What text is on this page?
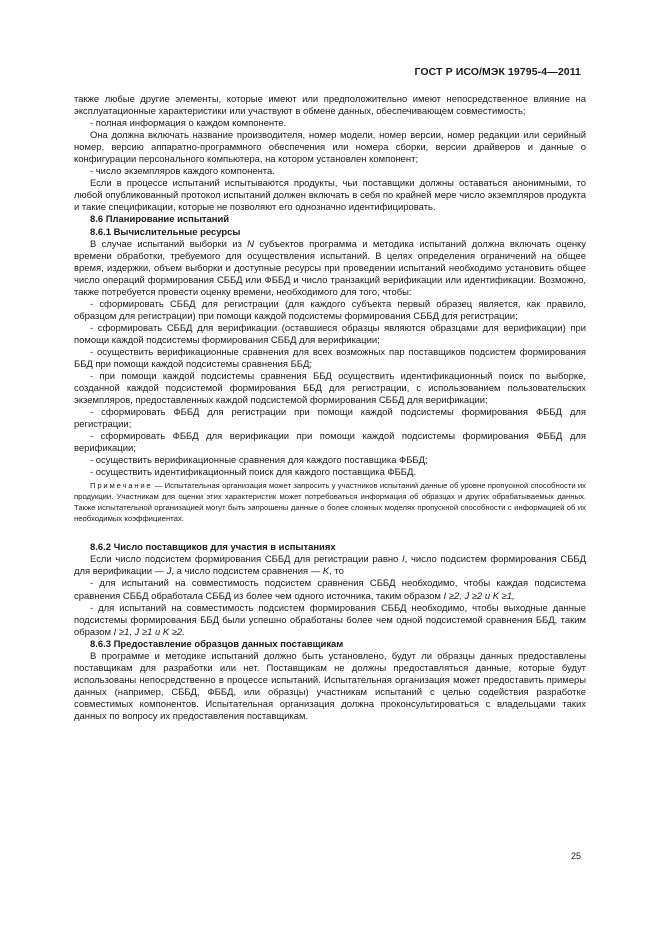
ГОСТ Р ИСО/МЭК 19795-4—2011

также любые другие элементы, которые имеют или предположительно имеют непосредственное влияние на эксплуатационные характеристики или участвуют в обмене данных, обеспечивающем совместимость;

- полная информация о каждом компоненте.

Она должна включать название производителя, номер модели, номер версии, номер редакции или серийный номер, версию аппаратно-программного обеспечения или номера сборки, версии драйверов и данные о конфигурации персонального компьютера, на котором установлен компонент;

- число экземпляров каждого компонента.

Если в процессе испытаний испытываются продукты, чьи поставщики должны оставаться анонимными, то любой опубликованный протокол испытаний должен включать в себя по крайней мере число экземпляров продукта и такие спецификации, которые не позволяют его однозначно идентифицировать.

8.6 Планирование испытаний

8.6.1 Вычислительные ресурсы

В случае испытаний выборки из N субъектов программа и методика испытаний должна включать оценку времени обработки, требуемого для осуществления испытаний. В целях определения ограничений на общее время, издержки, объем выборки и доступные ресурсы при проведении испытаний необходимо установить общее число операций формирования СББД или ФББД и число транзакций верификации или идентификации. Возможно, также потребуется провести оценку времени, необходимого для того, чтобы:

- сформировать СББД для регистрации (для каждого субъекта первый образец является, как правило, образцом для регистрации) при помощи каждой подсистемы формирования СББД для регистрации;

- сформировать СББД для верификации (оставшиеся образцы являются образцами для верификации) при помощи каждой подсистемы формирования СББД для верификации;

- осуществить верификационные сравнения для всех возможных пар поставщиков подсистем формирования ББД при помощи каждой подсистемы сравнения ББД;

- при помощи каждой подсистемы сравнения ББД осуществить идентификационный поиск по выборке, созданной каждой подсистемой формирования ББД для регистрации, с использованием пользовательских экземпляров, предоставленных каждой подсистемой формирования СББД для верификации;

- сформировать ФББД для регистрации при помощи каждой подсистемы формирования ФББД для регистрации;

- сформировать ФББД для верификации при помощи каждой подсистемы формирования ФББД для верификации;

- осуществить верификационные сравнения для каждого поставщика ФББД;

- осуществить идентификационный поиск для каждого поставщика ФББД.

Примечание — Испытательная организация может запросить у участников испытаний данные об уровне пропускной способности их продукции. Участникам для оценки этих характеристик может потребоваться информация об образцах и других обрабатываемых данных. Также испытательной организацией могут быть запрошены данные о более сложных моделях пропускной способности с информацией об их необходимых коэффициентах.

8.6.2 Число поставщиков для участия в испытаниях

Если число подсистем формирования СББД для регистрации равно I, число подсистем формирования СББД для верификации — J, а число подсистем сравнения — K, то

- для испытаний на совместимость подсистем сравнения СББД необходимо, чтобы каждая подсистема сравнения СББД обработала СББД из более чем одного источника, таким образом I ≥2, J ≥2 и K ≥1,

- для испытаний на совместимость подсистем формирования СББД необходимо, чтобы выходные данные подсистемы формирования ББД были успешно обработаны более чем одной подсистемой сравнения ББД, таким образом I ≥1, J ≥1 и K ≥2.

8.6.3 Предоставление образцов данных поставщикам

В программе и методике испытаний должно быть установлено, будут ли образцы данных предоставлены поставщикам для разработки или нет. Поставщикам не должны предоставляться данные, которые будут использованы непосредственно в процессе испытаний. Испытательная организация может предоставить примеры данных (например, СББД, ФББД, или образцы) участникам испытаний с целью содействия разработке совместимых компонентов. Испытательная организация должна проконсультироваться с владельцами таких данных по вопросу их предоставления поставщикам.

25
